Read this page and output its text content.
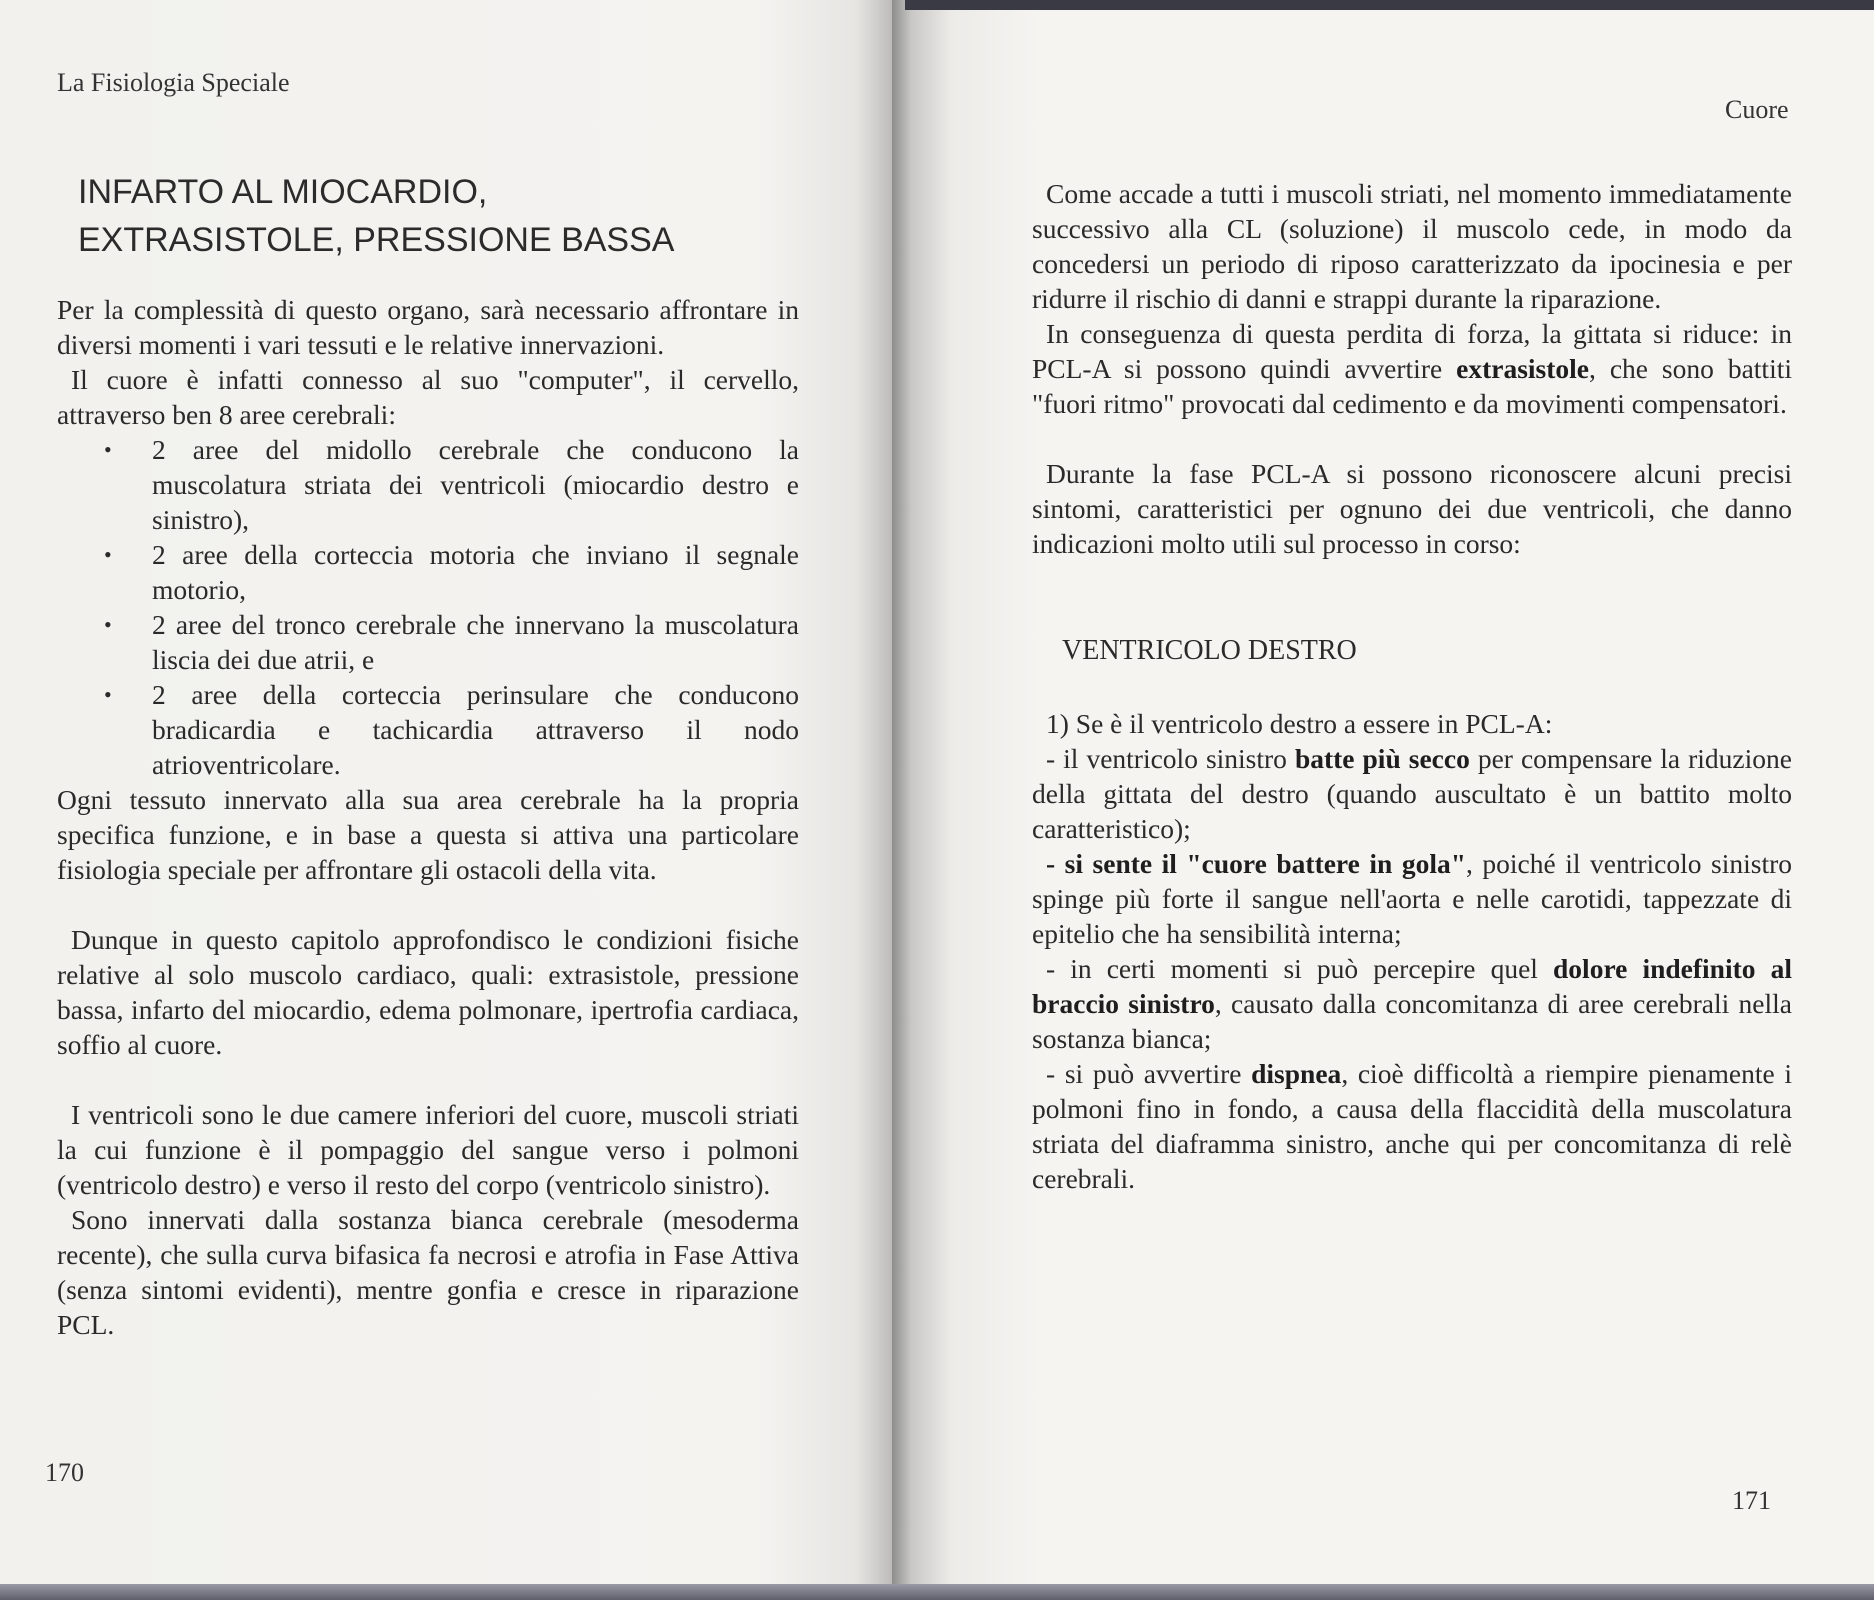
La Fisiologia Speciale
INFARTO AL MIOCARDIO,
EXTRASISTOLE, PRESSIONE BASSA

Per la complessità di questo organo, sarà necessario affrontare in diversi momenti i vari tessuti e le relative innervazioni.

Il cuore è infatti connesso al suo "computer", il cervello, attraverso ben 8 aree cerebrali:

• 2 aree del midollo cerebrale che conducono la muscolatura striata dei ventricoli (miocardio destro e sinistro),
• 2 aree della corteccia motoria che inviano il segnale motorio,
• 2 aree del tronco cerebrale che innervano la muscolatura liscia dei due atrii, e
• 2 aree della corteccia perinsulare che conducono bradicardia e tachicardia attraverso il nodo atrioventricolare.

Ogni tessuto innervato alla sua area cerebrale ha la propria specifica funzione, e in base a questa si attiva una particolare fisiologia speciale per affrontare gli ostacoli della vita.

Dunque in questo capitolo approfondisco le condizioni fisiche relative al solo muscolo cardiaco, quali: extrasistole, pressione bassa, infarto del miocardio, edema polmonare, ipertrofia cardiaca, soffio al cuore.

I ventricoli sono le due camere inferiori del cuore, muscoli striati la cui funzione è il pompaggio del sangue verso i polmoni (ventricolo destro) e verso il resto del corpo (ventricolo sinistro).

Sono innervati dalla sostanza bianca cerebrale (mesoderma recente), che sulla curva bifasica fa necrosi e atrofia in Fase Attiva (senza sintomi evidenti), mentre gonfia e cresce in riparazione PCL.

170
Cuore

Come accade a tutti i muscoli striati, nel momento immediatamente successivo alla CL (soluzione) il muscolo cede, in modo da concedersi un periodo di riposo caratterizzato da ipocinesia e per ridurre il rischio di danni e strappi durante la riparazione.

In conseguenza di questa perdita di forza, la gittata si riduce: in PCL-A si possono quindi avvertire extrasistole, che sono battiti "fuori ritmo" provocati dal cedimento e da movimenti compensatori.

Durante la fase PCL-A si possono riconoscere alcuni precisi sintomi, caratteristici per ognuno dei due ventricoli, che danno indicazioni molto utili sul processo in corso:

VENTRICOLO DESTRO

1) Se è il ventricolo destro a essere in PCL-A:

- il ventricolo sinistro batte più secco per compensare la riduzione della gittata del destro (quando auscultato è un battito molto caratteristico);

- si sente il "cuore battere in gola", poiché il ventricolo sinistro spinge più forte il sangue nell'aorta e nelle carotidi, tappezzate di epitelio che ha sensibilità interna;

- in certi momenti si può percepire quel dolore indefinito al braccio sinistro, causato dalla concomitanza di aree cerebrali nella sostanza bianca;

- si può avvertire dispnea, cioè difficoltà a riempire pienamente i polmoni fino in fondo, a causa della flaccidità della muscolatura striata del diaframma sinistro, anche qui per concomitanza di relè cerebrali.

171
